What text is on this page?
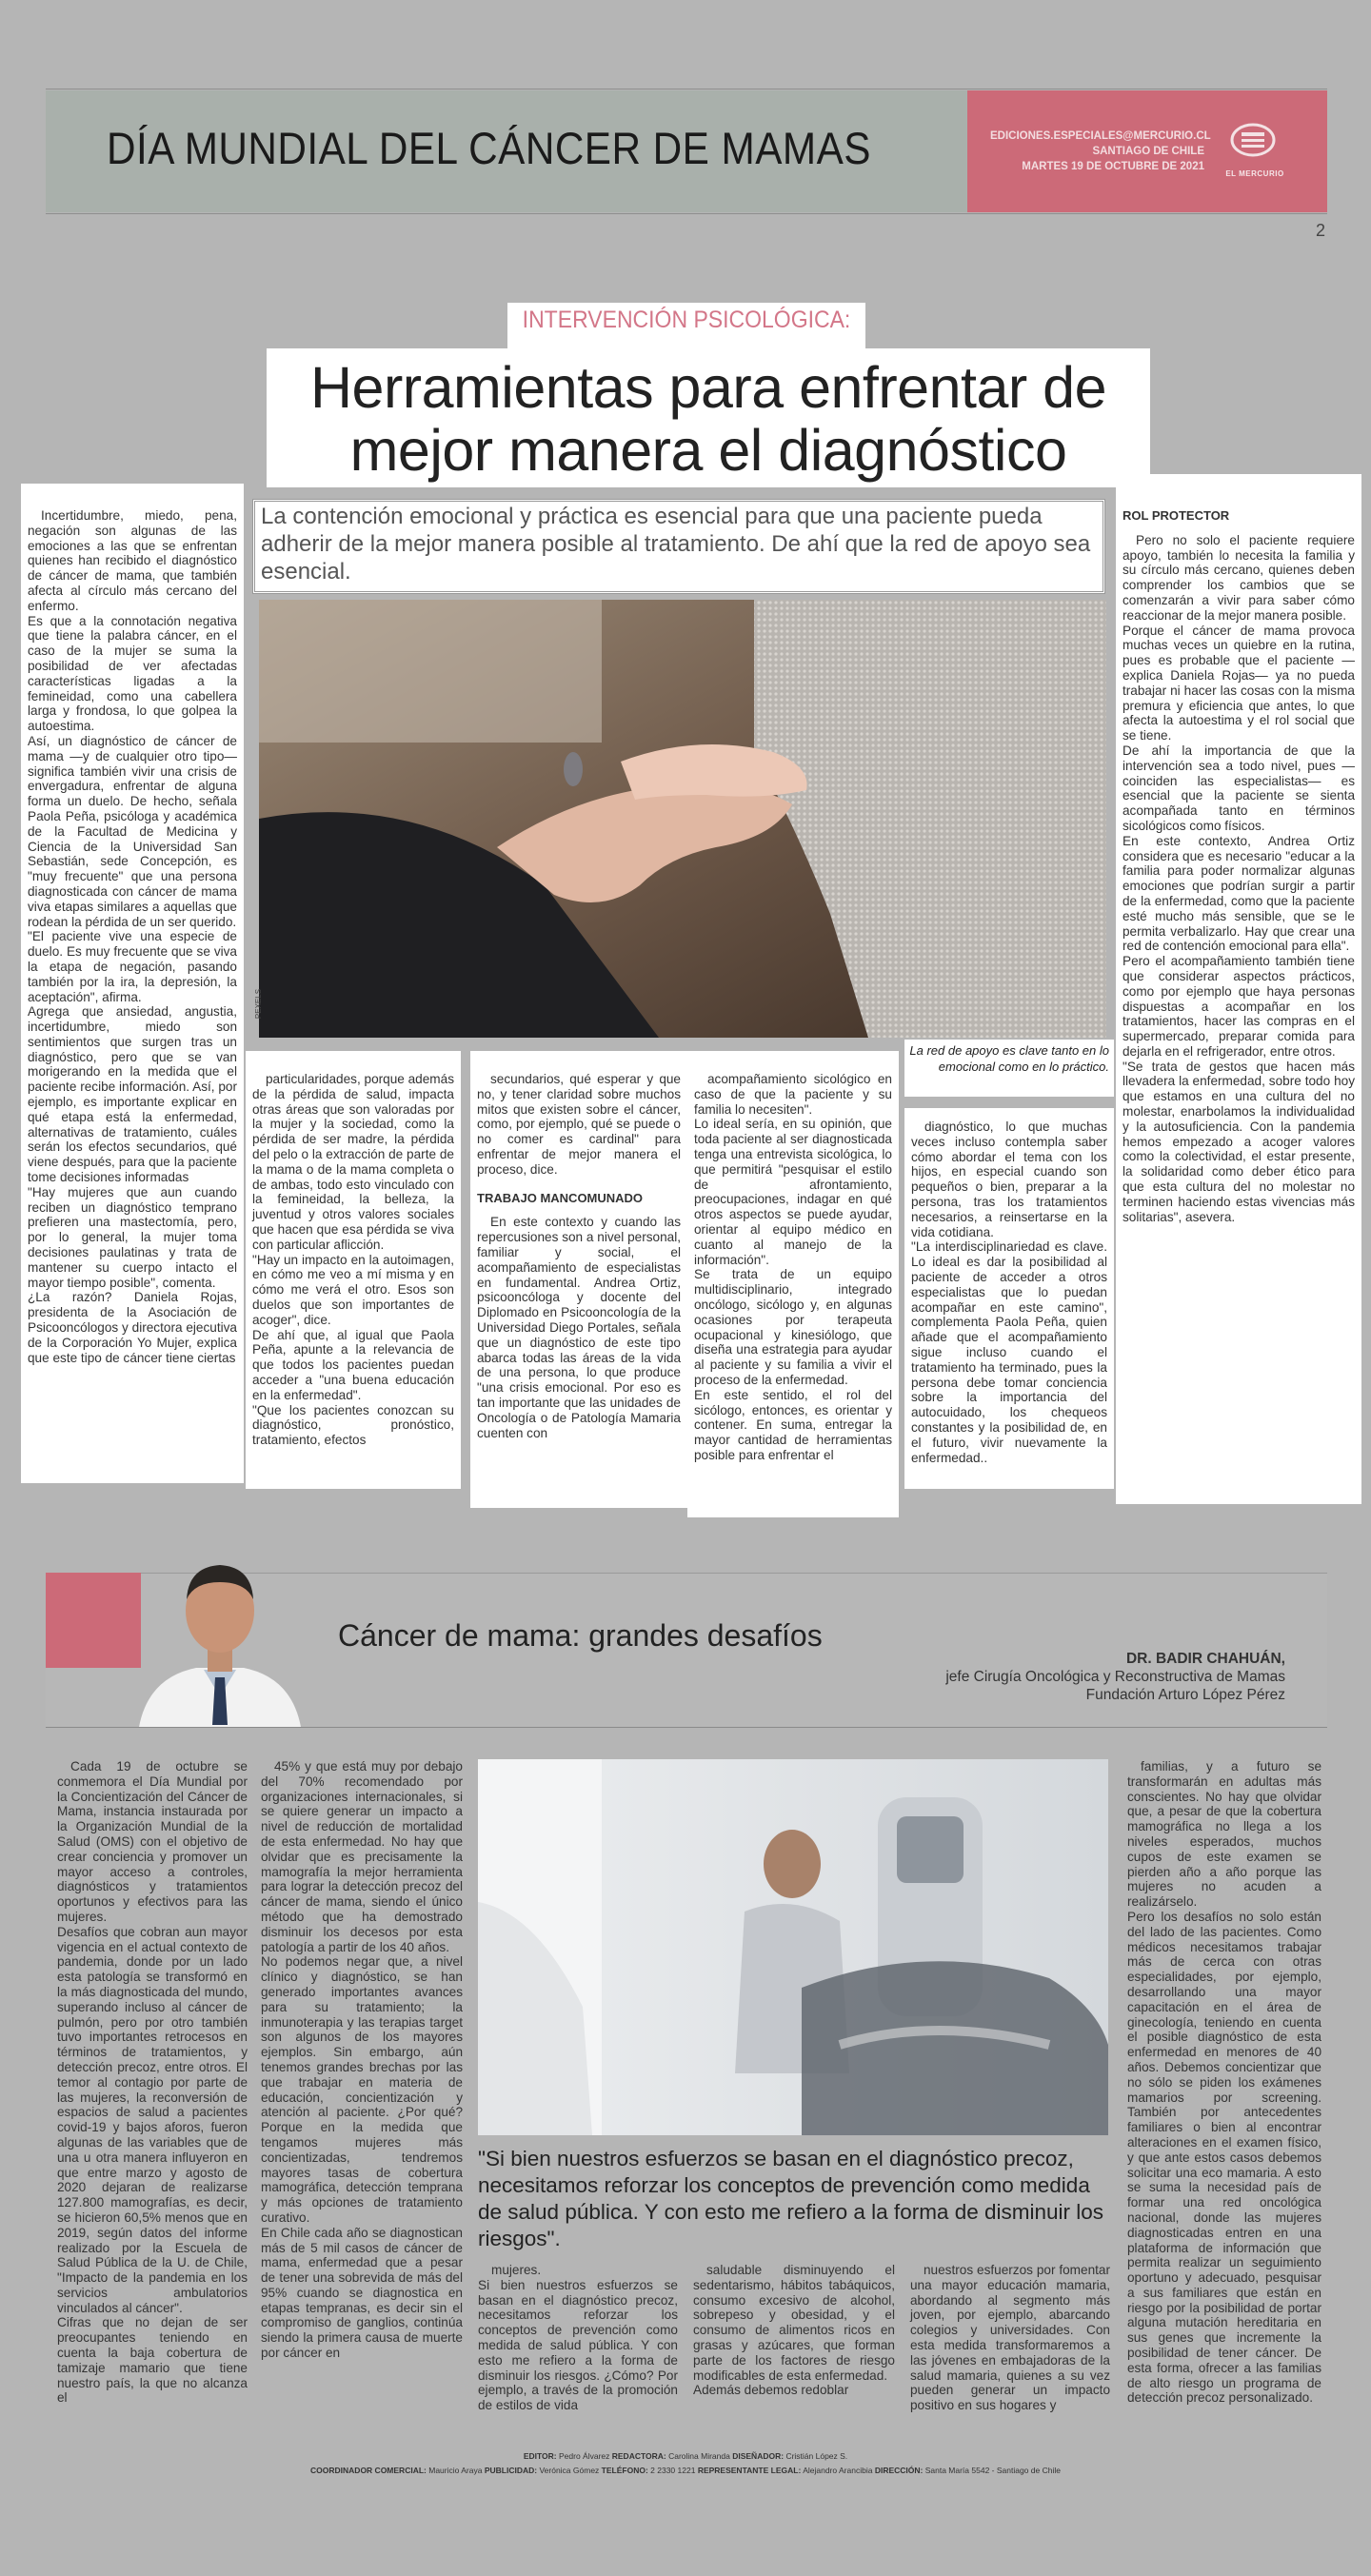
DÍA MUNDIAL DEL CÁNCER DE MAMAS	EDICIONES.ESPECIALES@MERCURIO.CL
SANTIAGO DE CHILE
MARTES 19 DE OCTUBRE DE 2021
EL MERCURIO
2
INTERVENCIÓN PSICOLÓGICA:
Herramientas para enfrentar de mejor manera el diagnóstico
La contención emocional y práctica es esencial para que una paciente pueda adherir de la mejor manera posible al tratamiento. De ahí que la red de apoyo sea esencial.
PEXELS
La red de apoyo es clave tanto en lo emocional como en lo práctico.

Incertidumbre, miedo, pena, negación son algunas de las emociones a las que se enfrentan quienes han recibido el diagnóstico de cáncer de mama, que también afecta al círculo más cercano del enfermo.
Es que a la connotación negativa que tiene la palabra cáncer, en el caso de la mujer se suma la posibilidad de ver afectadas características ligadas a la femineidad, como una cabellera larga y frondosa, lo que golpea la autoestima.
Así, un diagnóstico de cáncer de mama —y de cualquier otro tipo— significa también vivir una crisis de envergadura, enfrentar de alguna forma un duelo. De hecho, señala Paola Peña, psicóloga y académica de la Facultad de Medicina y Ciencia de la Universidad San Sebastián, sede Concepción, es "muy frecuente" que una persona diagnosticada con cáncer de mama viva etapas similares a aquellas que rodean la pérdida de un ser querido.
"El paciente vive una especie de duelo. Es muy frecuente que se viva la etapa de negación, pasando también por la ira, la depresión, la aceptación", afirma.
Agrega que ansiedad, angustia, incertidumbre, miedo son sentimientos que surgen tras un diagnóstico, pero que se van morigerando en la medida que el paciente recibe información. Así, por ejemplo, es importante explicar en qué etapa está la enfermedad, alternativas de tratamiento, cuáles serán los efectos secundarios, qué viene después, para que la paciente tome decisiones informadas
"Hay mujeres que aun cuando reciben un diagnóstico temprano prefieren una mastectomía, pero, por lo general, la mujer toma decisiones paulatinas y trata de mantener su cuerpo intacto el mayor tiempo posible", comenta.
¿La razón? Daniela Rojas, presidenta de la Asociación de Psicooncólogos y directora ejecutiva de la Corporación Yo Mujer, explica que este tipo de cáncer tiene ciertas

particularidades, porque además de la pérdida de salud, impacta otras áreas que son valoradas por la mujer y la sociedad, como la pérdida de ser madre, la pérdida del pelo o la extracción de parte de la mama o de la mama completa o de ambas, todo esto vinculado con la femineidad, la belleza, la juventud y otros valores sociales que hacen que esa pérdida se viva con particular aflicción.
"Hay un impacto en la autoimagen, en cómo me veo a mí misma y en cómo me verá el otro. Esos son duelos que son importantes de acoger", dice.
De ahí que, al igual que Paola Peña, apunte a la relevancia de que todos los pacientes puedan acceder a "una buena educación en la enfermedad".
"Que los pacientes conozcan su diagnóstico, pronóstico, tratamiento, efectos

secundarios, qué esperar y que no, y tener claridad sobre muchos mitos que existen sobre el cáncer, como, por ejemplo, qué se puede o no comer es cardinal" para enfrentar de mejor manera el proceso, dice.

TRABAJO MANCOMUNADO

En este contexto y cuando las repercusiones son a nivel personal, familiar y social, el acompañamiento de especialistas en fundamental. Andrea Ortiz, psicooncóloga y docente del Diplomado en Psicooncología de la Universidad Diego Portales, señala que un diagnóstico de este tipo abarca todas las áreas de la vida de una persona, lo que produce "una crisis emocional. Por eso es tan importante que las unidades de Oncología o de Patología Mamaria cuenten con

acompañamiento sicológico en caso de que la paciente y su familia lo necesiten".
Lo ideal sería, en su opinión, que toda paciente al ser diagnosticada tenga una entrevista sicológica, lo que permitirá "pesquisar el estilo de afrontamiento, preocupaciones, indagar en qué otros aspectos se puede ayudar, orientar al equipo médico en cuanto al manejo de la información".
Se trata de un equipo multidisciplinario, integrado oncólogo, sicólogo y, en algunas ocasiones por terapeuta ocupacional y kinesiólogo, que diseña una estrategia para ayudar al paciente y su familia a vivir el proceso de la enfermedad.
En este sentido, el rol del sicólogo, entonces, es orientar y contener. En suma, entregar la mayor cantidad de herramientas posible para enfrentar el

diagnóstico, lo que muchas veces incluso contempla saber cómo abordar el tema con los hijos, en especial cuando son pequeños o bien, preparar a la persona, tras los tratamientos necesarios, a reinsertarse en la vida cotidiana.
"La interdisciplinariedad es clave. Lo ideal es dar la posibilidad al paciente de acceder a otros especialistas que lo puedan acompañar en este camino", complementa Paola Peña, quien añade que el acompañamiento sigue incluso cuando el tratamiento ha terminado, pues la persona debe tomar conciencia sobre la importancia del autocuidado, los chequeos constantes y la posibilidad de, en el futuro, vivir nuevamente la enfermedad..

ROL PROTECTOR

Pero no solo el paciente requiere apoyo, también lo necesita la familia y su círculo más cercano, quienes deben comprender los cambios que se comenzarán a vivir para saber cómo reaccionar de la mejor manera posible.
Porque el cáncer de mama provoca muchas veces un quiebre en la rutina, pues es probable que el paciente —explica Daniela Rojas— ya no pueda trabajar ni hacer las cosas con la misma premura y eficiencia que antes, lo que afecta la autoestima y el rol social que se tiene.
De ahí la importancia de que la intervención sea a todo nivel, pues —coinciden las especialistas— es esencial que la paciente se sienta acompañada tanto en términos sicológicos como físicos.
En este contexto, Andrea Ortiz considera que es necesario "educar a la familia para poder normalizar algunas emociones que podrían surgir a partir de la enfermedad, como que la paciente esté mucho más sensible, que se le permita verbalizarlo. Hay que crear una red de contención emocional para ella".
Pero el acompañamiento también tiene que considerar aspectos prácticos, como por ejemplo que haya personas dispuestas a acompañar en los tratamientos, hacer las compras en el supermercado, preparar comida para dejarla en el refrigerador, entre otros.
"Se trata de gestos que hacen más llevadera la enfermedad, sobre todo hoy que estamos en una cultura del no molestar, enarbolamos la individualidad y la autosuficiencia. Con la pandemia hemos empezado a acoger valores como la colectividad, el estar presente, la solidaridad como deber ético para que esta cultura del no molestar no terminen haciendo estas vivencias más solitarias", asevera.

Cáncer de mama: grandes desafíos
DR. BADIR CHAHUÁN,
jefe Cirugía Oncológica y Reconstructiva de Mamas
Fundación Arturo López Pérez

Cada 19 de octubre se conmemora el Día Mundial por la Concientización del Cáncer de Mama, instancia instaurada por la Organización Mundial de la Salud (OMS) con el objetivo de crear conciencia y promover un mayor acceso a controles, diagnósticos y tratamientos oportunos y efectivos para las mujeres.
Desafíos que cobran aun mayor vigencia en el actual contexto de pandemia, donde por un lado esta patología se transformó en la más diagnosticada del mundo, superando incluso al cáncer de pulmón, pero por otro también tuvo importantes retrocesos en términos de tratamientos, y detección precoz, entre otros. El temor al contagio por parte de las mujeres, la reconversión de espacios de salud a pacientes covid-19 y bajos aforos, fueron algunas de las variables que de una u otra manera influyeron en que entre marzo y agosto de 2020 dejaran de realizarse 127.800 mamografías, es decir, se hicieron 60,5% menos que en 2019, según datos del informe realizado por la Escuela de Salud Pública de la U. de Chile, "Impacto de la pandemia en los servicios ambulatorios vinculados al cáncer".
Cifras que no dejan de ser preocupantes teniendo en cuenta la baja cobertura de tamizaje mamario que tiene nuestro país, la que no alcanza el

45% y que está muy por debajo del 70% recomendado por organizaciones internacionales, si se quiere generar un impacto a nivel de reducción de mortalidad de esta enfermedad. No hay que olvidar que es precisamente la mamografía la mejor herramienta para lograr la detección precoz del cáncer de mama, siendo el único método que ha demostrado disminuir los decesos por esta patología a partir de los 40 años.
No podemos negar que, a nivel clínico y diagnóstico, se han generado importantes avances para su tratamiento; la inmunoterapia y las terapias target son algunos de los mayores ejemplos. Sin embargo, aún tenemos grandes brechas por las que trabajar en materia de educación, concientización y atención al paciente. ¿Por qué? Porque en la medida que tengamos mujeres más concientizadas, tendremos mayores tasas de cobertura mamográfica, detección temprana y más opciones de tratamiento curativo.
En Chile cada año se diagnostican más de 5 mil casos de cáncer de mama, enfermedad que a pesar de tener una sobrevida de más del 95% cuando se diagnostica en etapas tempranas, es decir sin el compromiso de ganglios, continúa siendo la primera causa de muerte por cáncer en

"Si bien nuestros esfuerzos se basan en el diagnóstico precoz, necesitamos reforzar los conceptos de prevención como medida de salud pública. Y con esto me refiero a la forma de disminuir los riesgos".

mujeres.
Si bien nuestros esfuerzos se basan en el diagnóstico precoz, necesitamos reforzar los conceptos de prevención como medida de salud pública. Y con esto me refiero a la forma de disminuir los riesgos. ¿Cómo? Por ejemplo, a través de la promoción de estilos de vida

saludable disminuyendo el sedentarismo, hábitos tabáquicos, consumo excesivo de alcohol, sobrepeso y obesidad, y el consumo de alimentos ricos en grasas y azúcares, que forman parte de los factores de riesgo modificables de esta enfermedad.
Además debemos redoblar

nuestros esfuerzos por fomentar una mayor educación mamaria, abordando al segmento más joven, por ejemplo, abarcando colegios y universidades. Con esta medida transformaremos a las jóvenes en embajadoras de la salud mamaria, quienes a su vez pueden generar un impacto positivo en sus hogares y

familias, y a futuro se transformarán en adultas más conscientes. No hay que olvidar que, a pesar de que la cobertura mamográfica no llega a los niveles esperados, muchos cupos de este examen se pierden año a año porque las mujeres no acuden a realizárselo.
Pero los desafíos no solo están del lado de las pacientes. Como médicos necesitamos trabajar más de cerca con otras especialidades, por ejemplo, desarrollando una mayor capacitación en el área de ginecología, teniendo en cuenta el posible diagnóstico de esta enfermedad en menores de 40 años. Debemos concientizar que no sólo se piden los exámenes mamarios por screening. También por antecedentes familiares o bien al encontrar alteraciones en el examen físico, y que ante estos casos debemos solicitar una eco mamaria. A esto se suma la necesidad país de formar una red oncológica nacional, donde las mujeres diagnosticadas entren en una plataforma de información que permita realizar un seguimiento oportuno y adecuado, pesquisar a sus familiares que están en riesgo por la posibilidad de portar alguna mutación hereditaria en sus genes que incremente la posibilidad de tener cáncer. De esta forma, ofrecer a las familias de alto riesgo un programa de detección precoz personalizado.

EDITOR: Pedro Álvarez REDACTORA: Carolina Miranda DISEÑADOR: Cristián López S.
COORDINADOR COMERCIAL: Mauricio Araya PUBLICIDAD: Verónica Gómez TELÉFONO: 2 2330 1221 REPRESENTANTE LEGAL: Alejandro Arancibia DIRECCIÓN: Santa María 5542 - Santiago de Chile
